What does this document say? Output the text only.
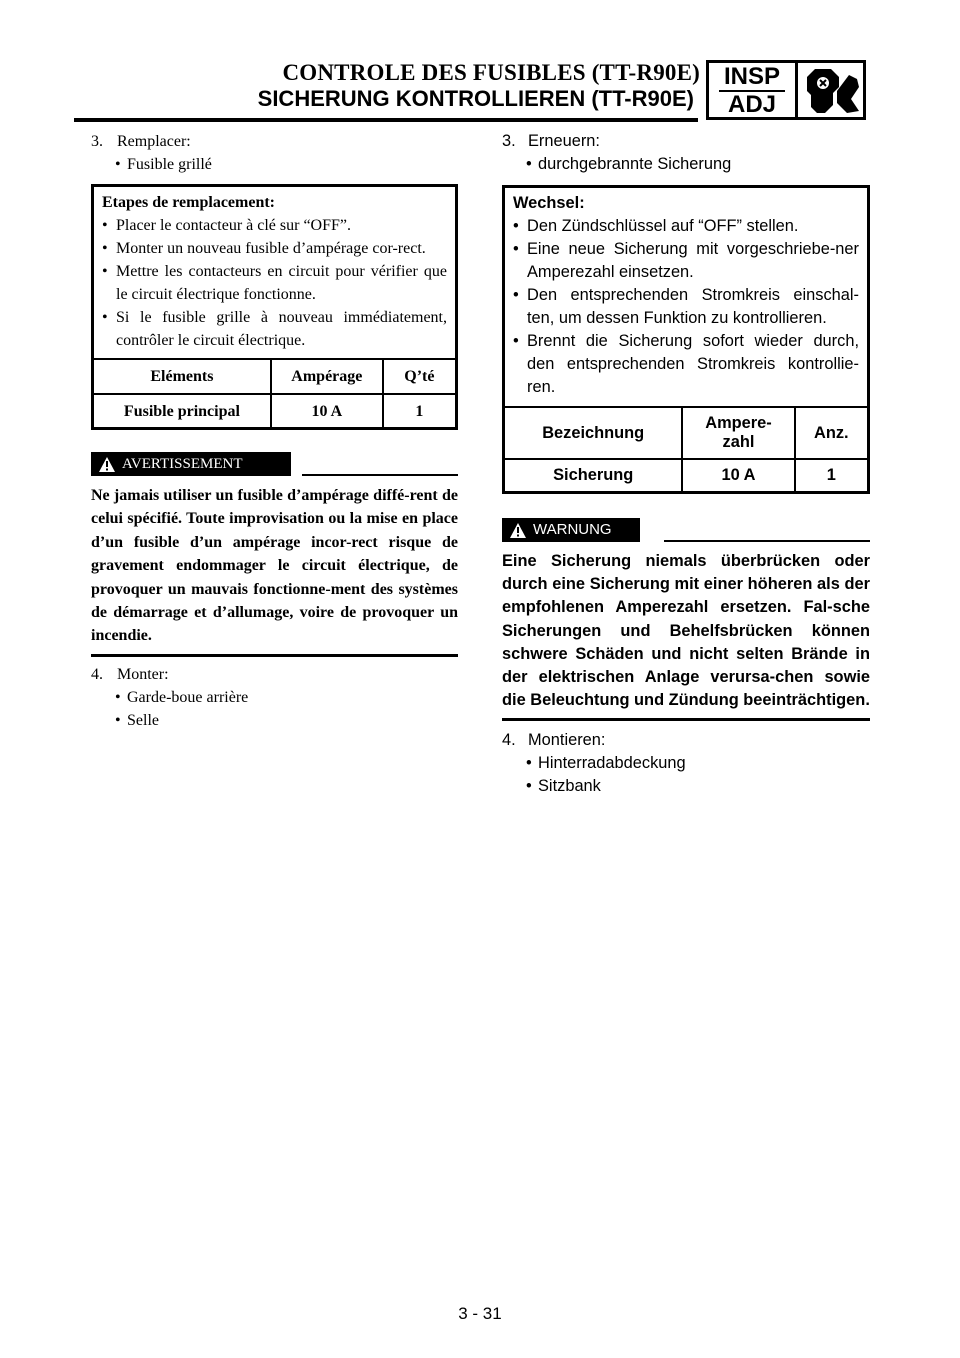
CONTROLE DES FUSIBLES (TT-R90E)
SICHERUNG KONTROLLIEREN (TT-R90E)
INSP
ADJ
3. Remplacer:
• Fusible grillé
Etapes de remplacement:
• Placer le contacteur à clé sur “OFF”.
• Monter un nouveau fusible d’ampérage cor-rect.
• Mettre les contacteurs en circuit pour vérifier que le circuit électrique fonctionne.
• Si le fusible grille à nouveau immédiatement, contrôler le circuit électrique.
Eléments	Ampérage	Q’té
Fusible principal	10 A	1
AVERTISSEMENT
Ne jamais utiliser un fusible d’ampérage diffé-rent de celui spécifié. Toute improvisation ou la mise en place d’un fusible d’un ampérage incor-rect risque de gravement endommager le circuit électrique, de provoquer un mauvais fonctionne-ment des systèmes de démarrage et d’allumage, voire de provoquer un incendie.
4. Monter:
• Garde-boue arrière
• Selle
3. Erneuern:
• durchgebrannte Sicherung
Wechsel:
• Den Zündschlüssel auf “OFF” stellen.
• Eine neue Sicherung mit vorgeschriebe-ner Amperezahl einsetzen.
• Den entsprechenden Stromkreis einschal-ten, um dessen Funktion zu kontrollieren.
• Brennt die Sicherung sofort wieder durch, den entsprechenden Stromkreis kontrollie-ren.
Bezeichnung	Ampere-zahl	Anz.
Sicherung	10 A	1
WARNUNG
Eine Sicherung niemals überbrücken oder durch eine Sicherung mit einer höheren als der empfohlenen Amperezahl ersetzen. Fal-sche Sicherungen und Behelfsbrücken können schwere Schäden und nicht selten Brände in der elektrischen Anlage verursa-chen sowie die Beleuchtung und Zündung beeinträchtigen.
4. Montieren:
• Hinterradabdeckung
• Sitzbank
3 - 31
